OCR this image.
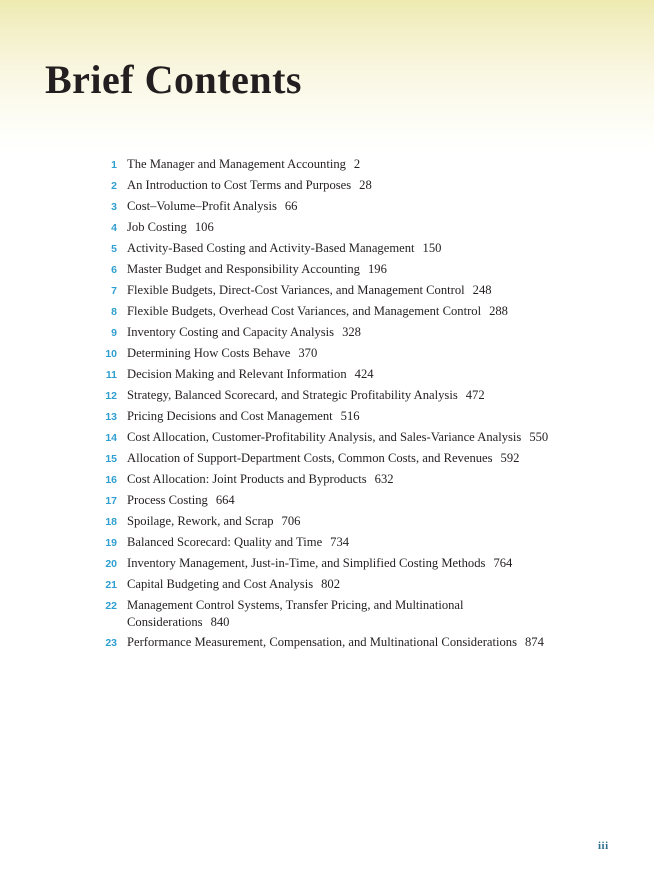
Brief Contents
1 The Manager and Management Accounting 2
2 An Introduction to Cost Terms and Purposes 28
3 Cost–Volume–Profit Analysis 66
4 Job Costing 106
5 Activity-Based Costing and Activity-Based Management 150
6 Master Budget and Responsibility Accounting 196
7 Flexible Budgets, Direct-Cost Variances, and Management Control 248
8 Flexible Budgets, Overhead Cost Variances, and Management Control 288
9 Inventory Costing and Capacity Analysis 328
10 Determining How Costs Behave 370
11 Decision Making and Relevant Information 424
12 Strategy, Balanced Scorecard, and Strategic Profitability Analysis 472
13 Pricing Decisions and Cost Management 516
14 Cost Allocation, Customer-Profitability Analysis, and Sales-Variance Analysis 550
15 Allocation of Support-Department Costs, Common Costs, and Revenues 592
16 Cost Allocation: Joint Products and Byproducts 632
17 Process Costing 664
18 Spoilage, Rework, and Scrap 706
19 Balanced Scorecard: Quality and Time 734
20 Inventory Management, Just-in-Time, and Simplified Costing Methods 764
21 Capital Budgeting and Cost Analysis 802
22 Management Control Systems, Transfer Pricing, and Multinational Considerations 840
23 Performance Measurement, Compensation, and Multinational Considerations 874
iii
